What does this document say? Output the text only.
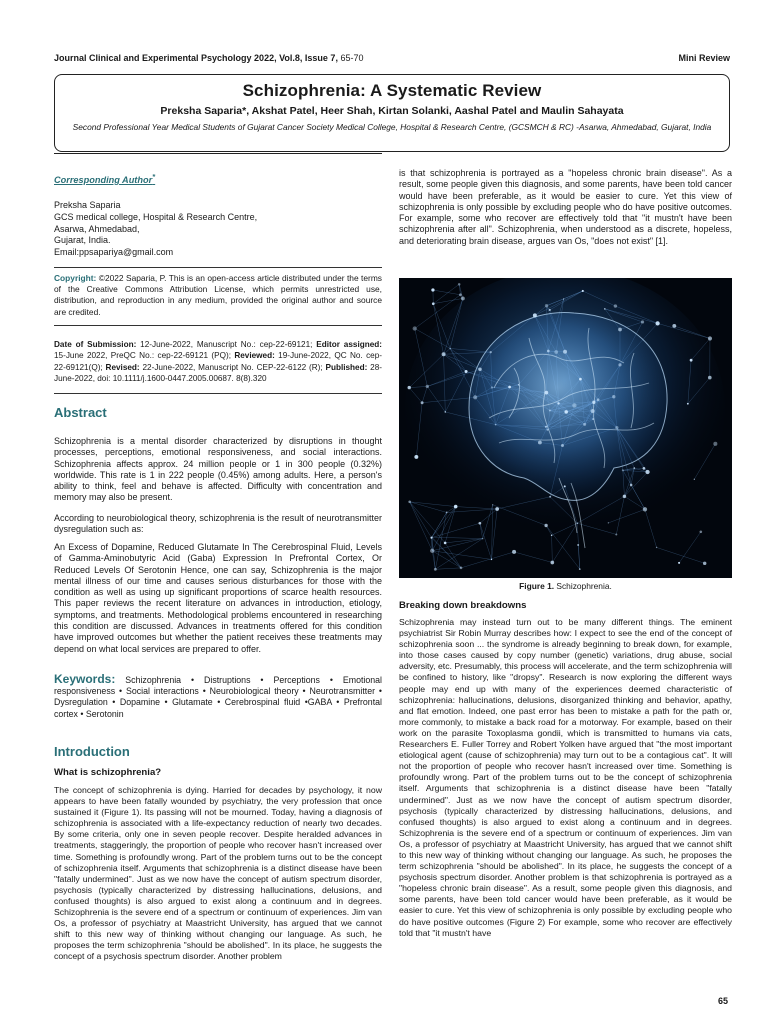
Journal Clinical and Experimental Psychology 2022, Vol.8, Issue 7, 65-70	Mini Review
Schizophrenia: A Systematic Review
Preksha Saparia*, Akshat Patel, Heer Shah, Kirtan Solanki, Aashal Patel and Maulin Sahayata
Second Professional Year Medical Students of Gujarat Cancer Society Medical College, Hospital & Research Centre, (GCSMCH & RC) -Asarwa, Ahmedabad, Gujarat, India
Corresponding Author*
Preksha Saparia
GCS medical college, Hospital & Research Centre,
Asarwa, Ahmedabad,
Gujarat, India.
Email:ppsapariya@gmail.com
Copyright: ©2022 Saparia, P. This is an open-access article distributed under the terms of the Creative Commons Attribution License, which permits unrestricted use, distribution, and reproduction in any medium, provided the original author and source are credited.
Date of Submission: 12-June-2022, Manuscript No.: cep-22-69121; Editor assigned: 15-June 2022, PreQC No.: cep-22-69121 (PQ); Reviewed: 19-June-2022, QC No. cep-22-69121(Q); Revised: 22-June-2022, Manuscript No. CEP-22-6122 (R); Published: 28-June-2022, doi: 10.1111/j.1600-0447.2005.00687. 8(8).320
Abstract
Schizophrenia is a mental disorder characterized by disruptions in thought processes, perceptions, emotional responsiveness, and social interactions. Schizophrenia affects approx. 24 million people or 1 in 300 people (0.32%) worldwide. This rate is 1 in 222 people (0.45%) among adults. Here, a person's ability to think, feel and behave is affected. Difficulty with concentration and memory may also be present.
According to neurobiological theory, schizophrenia is the result of neurotransmitter dysregulation such as:
An Excess of Dopamine, Reduced Glutamate In The Cerebrospinal Fluid, Levels of Gamma-Aminobutyric Acid (Gaba) Expression In Prefrontal Cortex, Or Reduced Levels Of Serotonin Hence, one can say, Schizophrenia is the major mental illness of our time and causes serious disturbances for those with the condition as well as using up significant proportions of scarce health resources. This paper reviews the recent literature on advances in introduction, etiology, symptoms, and treatments. Methodological problems encountered in researching this condition are discussed. Advances in treatments offered for this condition have improved outcomes but whether the patient receives these treatments may depend on what local services are prepared to offer.
Keywords: Schizophrenia • Distruptions • Perceptions • Emotional responsiveness • Social interactions • Neurobiological theory • Neurotransmitter • Dysregulation • Dopamine • Glutamate • Cerebrospinal fluid •GABA • Prefrontal cortex • Serotonin
Introduction
What is schizophrenia?
The concept of schizophrenia is dying. Harried for decades by psychology, it now appears to have been fatally wounded by psychiatry, the very profession that once sustained it (Figure 1). Its passing will not be mourned. Today, having a diagnosis of schizophrenia is associated with a life-expectancy reduction of nearly two decades. By some criteria, only one in seven people recover. Despite heralded advances in treatments, staggeringly, the proportion of people who recover hasn't increased over time. Something is profoundly wrong. Part of the problem turns out to be the concept of schizophrenia itself. Arguments that schizophrenia is a distinct disease have been "fatally undermined". Just as we now have the concept of autism spectrum disorder, psychosis (typically characterized by distressing hallucinations, delusions, and confused thoughts) is also argued to exist along a continuum and in degrees. Schizophrenia is the severe end of a spectrum or continuum of experiences. Jim van Os, a professor of psychiatry at Maastricht University, has argued that we cannot shift to this new way of thinking without changing our language. As such, he proposes the term schizophrenia "should be abolished". In its place, he suggests the concept of a psychosis spectrum disorder. Another problem
is that schizophrenia is portrayed as a "hopeless chronic brain disease". As a result, some people given this diagnosis, and some parents, have been told cancer would have been preferable, as it would be easier to cure. Yet this view of schizophrenia is only possible by excluding people who do have positive outcomes. For example, some who recover are effectively told that "it mustn't have been schizophrenia after all". Schizophrenia, when understood as a discrete, hopeless, and deteriorating brain disease, argues van Os, "does not exist" [1].
Figure 1. Schizophrenia.
Breaking down breakdowns
Schizophrenia may instead turn out to be many different things. The eminent psychiatrist Sir Robin Murray describes how: I expect to see the end of the concept of schizophrenia soon ... the syndrome is already beginning to break down, for example, into those cases caused by copy number (genetic) variations, drug abuse, social adversity, etc. Presumably, this process will accelerate, and the term schizophrenia will be confined to history, like "dropsy". Research is now exploring the different ways people may end up with many of the experiences deemed characteristic of schizophrenia: hallucinations, delusions, disorganized thinking and behavior, apathy, and flat emotion. Indeed, one past error has been to mistake a path for the path or, more commonly, to mistake a back road for a motorway. For example, based on their work on the parasite Toxoplasma gondii, which is transmitted to humans via cats, Researchers E. Fuller Torrey and Robert Yolken have argued that "the most important etiological agent (cause of schizophrenia) may turn out to be a contagious cat". It will not the proportion of people who recover hasn't increased over time. Something is profoundly wrong. Part of the problem turns out to be the concept of schizophrenia itself. Arguments that schizophrenia is a distinct disease have been "fatally undermined". Just as we now have the concept of autism spectrum disorder, psychosis (typically characterized by distressing hallucinations, delusions, and confused thoughts) is also argued to exist along a continuum and in degrees. Schizophrenia is the severe end of a spectrum or continuum of experiences. Jim van Os, a professor of psychiatry at Maastricht University, has argued that we cannot shift to this new way of thinking without changing our language. As such, he proposes the term schizophrenia "should be abolished". In its place, he suggests the concept of a psychosis spectrum disorder. Another problem is that schizophrenia is portrayed as a "hopeless chronic brain disease". As a result, some people given this diagnosis, and some parents, have been told cancer would have been preferable, as it would be easier to cure. Yet this view of schizophrenia is only possible by excluding people who do have positive outcomes (Figure 2) For example, some who recover are effectively told that "it mustn't have
65
